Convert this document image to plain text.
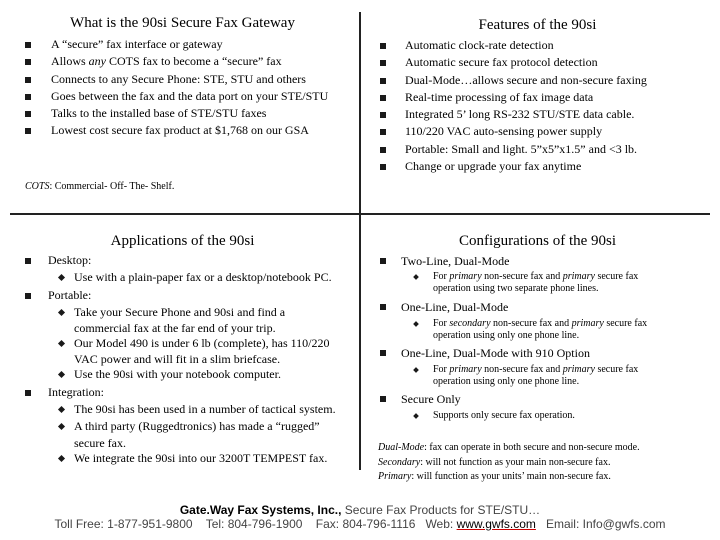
What is the 90si Secure Fax Gateway
A “secure” fax interface or gateway
Allows any COTS fax to become a “secure” fax
Connects to any Secure Phone: STE, STU and others
Goes between the fax and the data port on your STE/STU
Talks to the installed base of STE/STU faxes
Lowest cost secure fax product at $1,768 on our GSA
COTS: Commercial- Off- The- Shelf.
Features of the 90si
Automatic clock-rate detection
Automatic secure fax protocol detection
Dual-Mode…allows secure and non-secure faxing
Real-time processing of fax image data
Integrated 5’ long RS-232 STU/STE data cable.
110/220 VAC auto-sensing power supply
Portable: Small and light. 5”x5”x1.5” and <3 lb.
Change or upgrade your fax anytime
Applications of the 90si
Desktop:
Use with a plain-paper fax or a desktop/notebook PC.
Portable:
Take your Secure Phone and 90si and find a
commercial fax at the far end of your trip.
Our Model 490 is under 6 lb (complete), has 110/220
VAC power and will fit in a slim briefcase.
Use the 90si with your notebook computer.
Integration:
The 90si has been used in a number of tactical system.
A third party (Ruggedtronics) has made a “rugged”
secure fax.
We integrate the 90si into our 3200T TEMPEST fax.
Configurations of the 90si
Two-Line, Dual-Mode
For primary non-secure fax and primary secure fax
operation using two separate phone lines.
One-Line, Dual-Mode
For secondary non-secure fax and primary secure fax
operation using only one phone line.
One-Line, Dual-Mode with 910 Option
For primary non-secure fax and primary secure fax
operation using only one phone line.
Secure Only
Supports only secure fax operation.
Dual-Mode: fax can operate in both secure and non-secure mode.
Secondary: will not function as your main non-secure fax.
Primary: will function as your units’ main non-secure fax.
Gate.Way Fax Systems, Inc., Secure Fax Products for STE/STU…
Toll Free: 1-877-951-9800 Tel: 804-796-1900 Fax: 804-796-1116 Web: www.gwfs.com Email: Info@gwfs.com
